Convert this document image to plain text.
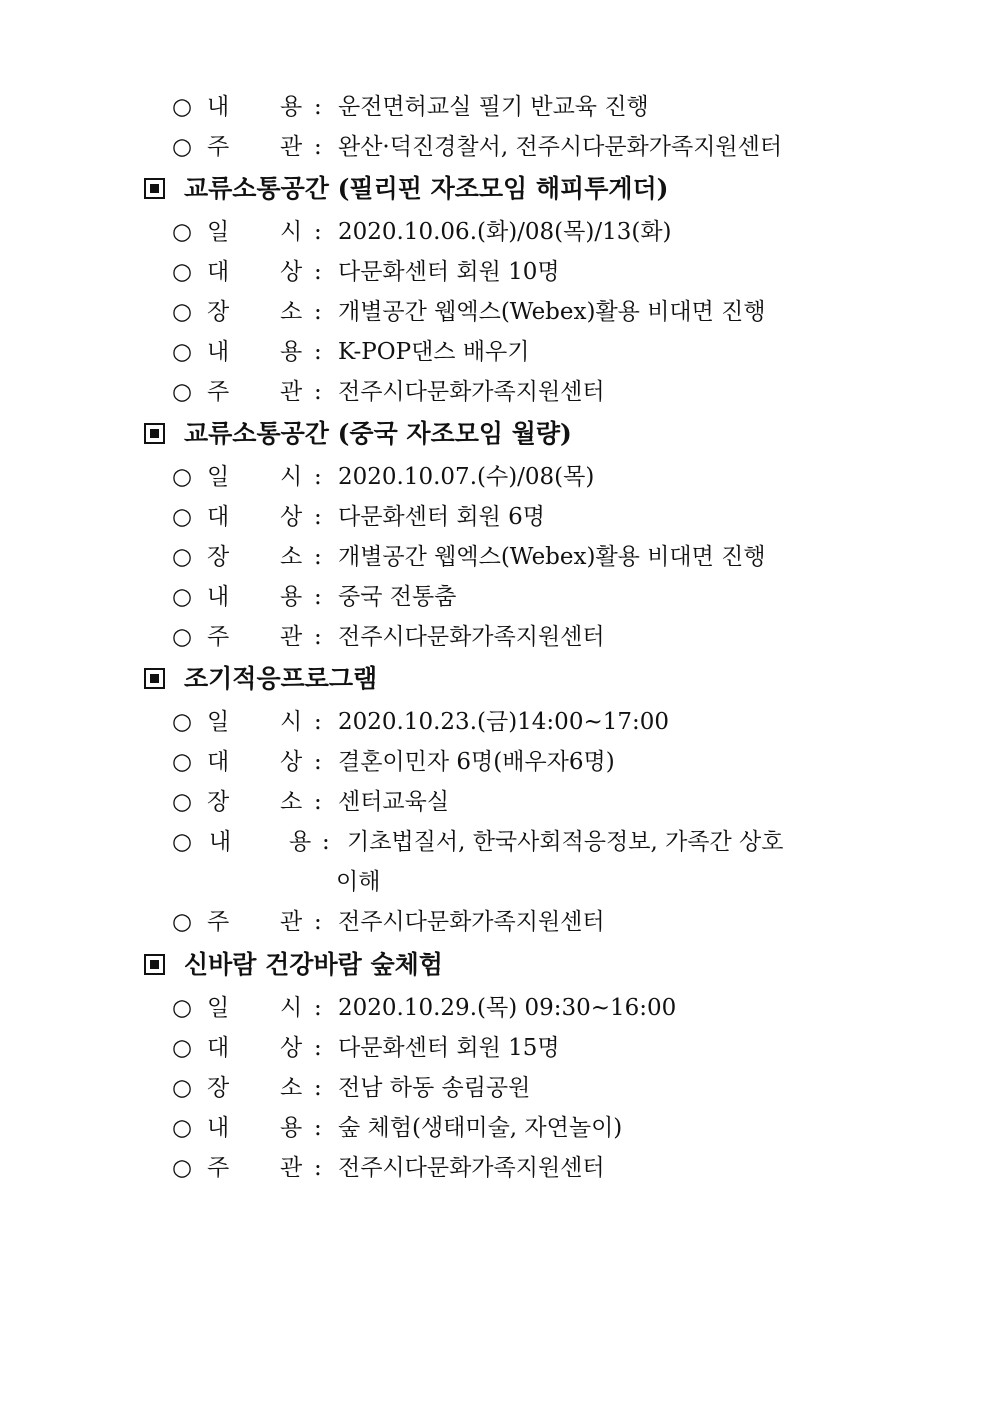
○ 내 용 : 운전면허교실 필기 반교육 진행
○ 주 관 : 완산·덕진경찰서, 전주시다문화가족지원센터
교류소통공간 (필리핀 자조모임 해피투게더)
○ 일 시 : 2020.10.06.(화)/08(목)/13(화)
○ 대 상 : 다문화센터 회원 10명
○ 장 소 : 개별공간 웹엑스(Webex)활용 비대면 진행
○ 내 용 : K-POP댄스 배우기
○ 주 관 : 전주시다문화가족지원센터
교류소통공간 (중국 자조모임 월량)
○ 일 시 : 2020.10.07.(수)/08(목)
○ 대 상 : 다문화센터 회원 6명
○ 장 소 : 개별공간 웹엑스(Webex)활용 비대면 진행
○ 내 용 : 중국 전통춤
○ 주 관 : 전주시다문화가족지원센터
조기적응프로그램
○ 일 시 : 2020.10.23.(금)14:00~17:00
○ 대 상 : 결혼이민자 6명(배우자6명)
○ 장 소 : 센터교육실
○ 내	용 : 기초법질서, 한국사회적응정보, 가족간 상호
이해
○ 주 관 : 전주시다문화가족지원센터
신바람 건강바람 숲체험
○ 일 시 : 2020.10.29.(목) 09:30~16:00
○ 대 상 : 다문화센터 회원 15명
○ 장 소 : 전남 하동 송림공원
○ 내 용 : 숲 체험(생태미술, 자연놀이)
○ 주 관 : 전주시다문화가족지원센터
